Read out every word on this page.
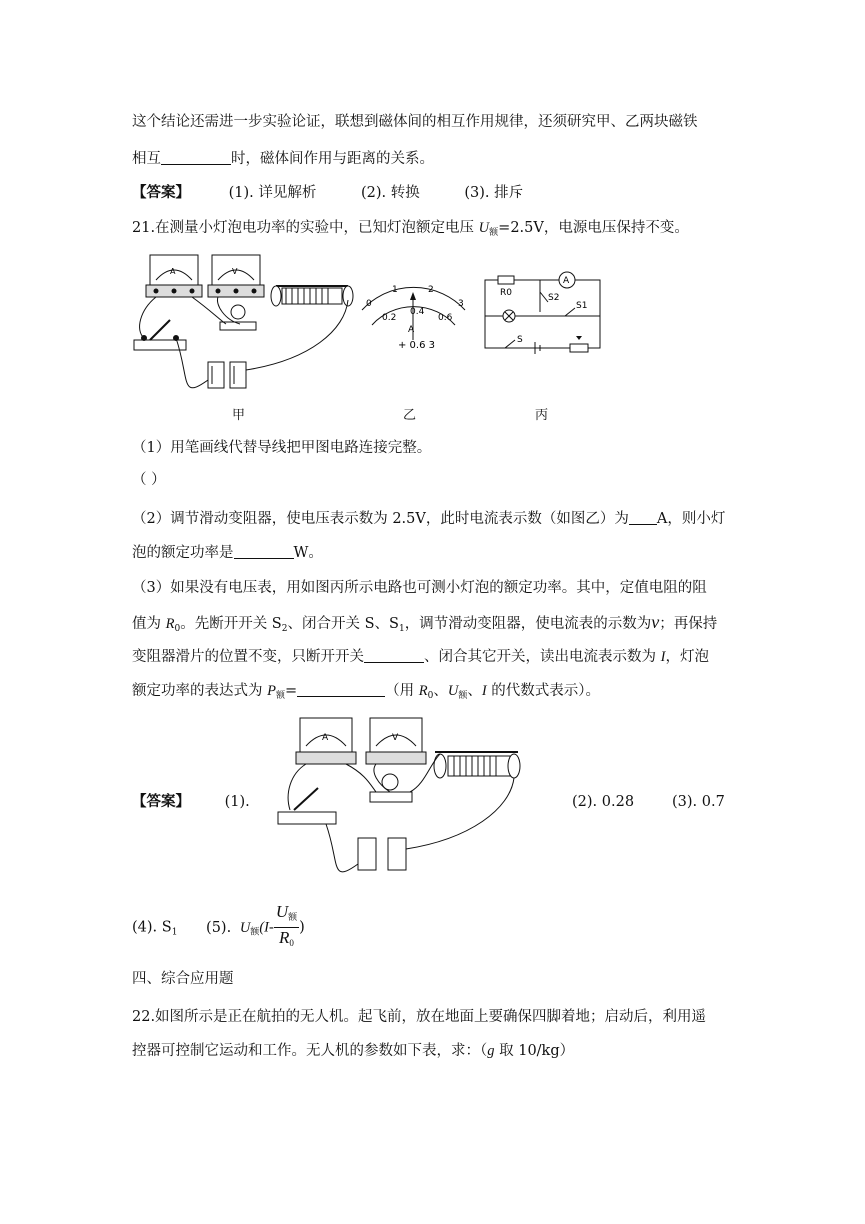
这个结论还需进一步实验论证，联想到磁体间的相互作用规律，还须研究甲、乙两块磁铁
相互	时，磁体间作用与距离的关系。
【答案】	(1). 详见解析	(2). 转换	(3). 排斥
21.在测量小灯泡电功率的实验中，已知灯泡额定电压 $U_额=2.5V$，电源电压保持不变。
A	V
0
1	2
3
0.2
0.4
0.6
A
+ 0.6 3
R0
A
S2
S1
S
甲	乙	丙
（1）用笔画线代替导线把甲图电路连接完整。
（ ）
（2）调节滑动变阻器，使电压表示数为 2.5V，此时电流表示数（如图乙）为 A，则小灯
泡的额定功率是	W。
（3）如果没有电压表，用如图丙所示电路也可测小灯泡的额定功率。其中，定值电阻的阻
值为 $R_0$。先断开开关 $S_2$、闭合开关 S、$S_1$，调节滑动变阻器，使电流表的示数为v；再保持
变阻器滑片的位置不变，只断开开关	、闭合其它开关，读出电流表示数为 I，灯泡
额定功率的表达式为 $P_额=$	（用 $R_0$、$U_额$、I 的代数式表示）。
【答案】 (1).
A	V
(2). 0.28	(3). 0.7
(4). $S_1$ (5). $U_额(I- \frac{U_额}{R_0}$ )
四、综合应用题
22.如图所示是正在航拍的无人机。起飞前，放在地面上要确保四脚着地；启动后，利用遥
控器可控制它运动和工作。无人机的参数如下表，求：（g 取 10/kg）
